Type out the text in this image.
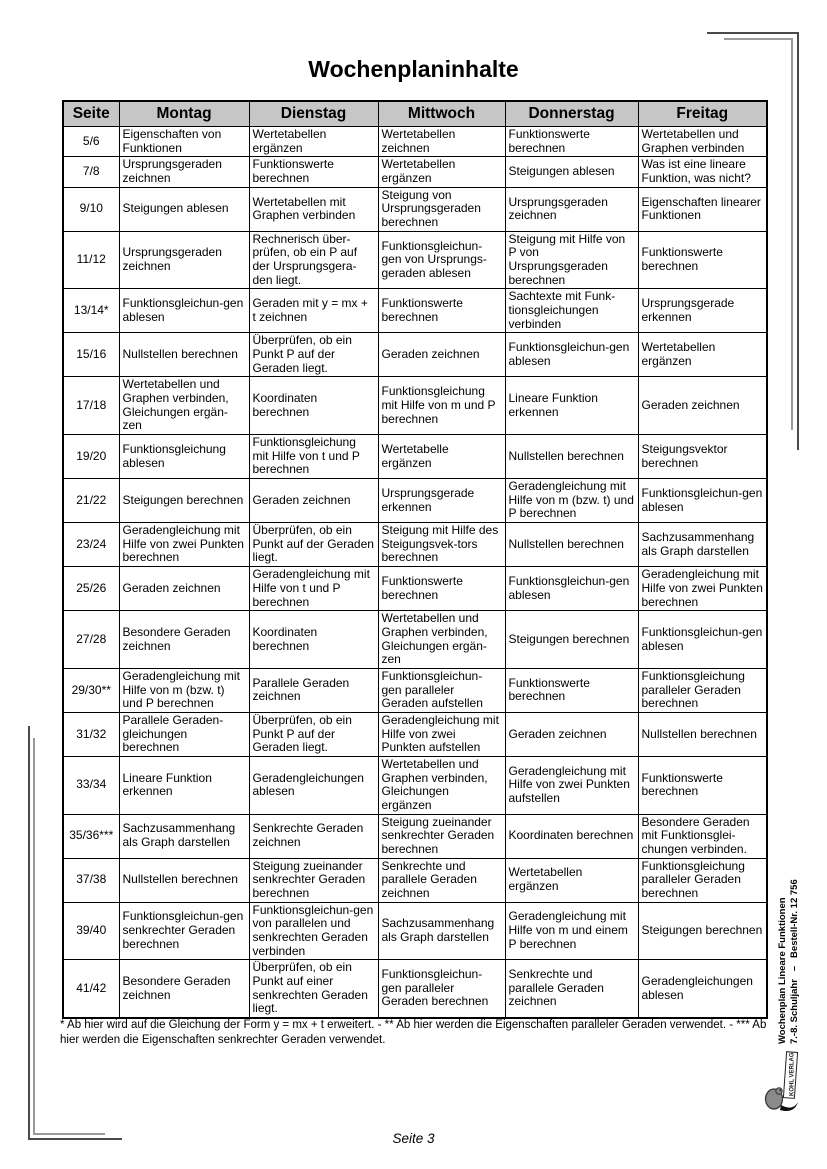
Wochenplaninhalte
Seite	Montag	Dienstag	Mittwoch	Donnerstag	Freitag
5/6	Eigenschaften von Funktionen	Wertetabellen ergänzen	Wertetabellen zeichnen	Funktionswerte berechnen	Wertetabellen und Graphen verbinden
7/8	Ursprungsgeraden zeichnen	Funktionswerte berechnen	Wertetabellen ergänzen	Steigungen ablesen	Was ist eine lineare Funktion, was nicht?
9/10	Steigungen ablesen	Wertetabellen mit Graphen verbinden	Steigung von Ursprungsgeraden berechnen	Ursprungsgeraden zeichnen	Eigenschaften linearer Funktionen
11/12	Ursprungsgeraden zeichnen	Rechnerisch über-prüfen, ob ein P auf der Ursprungsgera-den liegt.	Funktionsgleichun-gen von Ursprungs-geraden ablesen	Steigung mit Hilfe von P von Ursprungsgeraden berechnen	Funktionswerte berechnen
13/14*	Funktionsgleichun-gen ablesen	Geraden mit y = mx + t zeichnen	Funktionswerte berechnen	Sachtexte mit Funk-tionsgleichungen verbinden	Ursprungsgerade erkennen
15/16	Nullstellen berechnen	Überprüfen, ob ein Punkt P auf der Geraden liegt.	Geraden zeichnen	Funktionsgleichun-gen ablesen	Wertetabellen ergänzen
17/18	Wertetabellen und Graphen verbinden, Gleichungen ergän-zen	Koordinaten berechnen	Funktionsgleichung mit Hilfe von m und P berechnen	Lineare Funktion erkennen	Geraden zeichnen
19/20	Funktionsgleichung ablesen	Funktionsgleichung mit Hilfe von t und P berechnen	Wertetabelle ergänzen	Nullstellen berechnen	Steigungsvektor berechnen
21/22	Steigungen berechnen	Geraden zeichnen	Ursprungsgerade erkennen	Geradengleichung mit Hilfe von m (bzw. t) und P berechnen	Funktionsgleichun-gen ablesen
23/24	Geradengleichung mit Hilfe von zwei Punkten berechnen	Überprüfen, ob ein Punkt auf der Geraden liegt.	Steigung mit Hilfe des Steigungsvek-tors berechnen	Nullstellen berechnen	Sachzusammenhang als Graph darstellen
25/26	Geraden zeichnen	Geradengleichung mit Hilfe von t und P berechnen	Funktionswerte berechnen	Funktionsgleichun-gen ablesen	Geradengleichung mit Hilfe von zwei Punkten berechnen
27/28	Besondere Geraden zeichnen	Koordinaten berechnen	Wertetabellen und Graphen verbinden, Gleichungen ergän-zen	Steigungen berechnen	Funktionsgleichun-gen ablesen
29/30**	Geradengleichung mit Hilfe von m (bzw. t) und P berechnen	Parallele Geraden zeichnen	Funktionsgleichun-gen paralleler Geraden aufstellen	Funktionswerte berechnen	Funktionsgleichung paralleler Geraden berechnen
31/32	Parallele Geraden-gleichungen berechnen	Überprüfen, ob ein Punkt P auf der Geraden liegt.	Geradengleichung mit Hilfe von zwei Punkten aufstellen	Geraden zeichnen	Nullstellen berechnen
33/34	Lineare Funktion erkennen	Geradengleichungen ablesen	Wertetabellen und Graphen verbinden, Gleichungen ergänzen	Geradengleichung mit Hilfe von zwei Punkten aufstellen	Funktionswerte berechnen
35/36***	Sachzusammenhang als Graph darstellen	Senkrechte Geraden zeichnen	Steigung zueinander senkrechter Geraden berechnen	Koordinaten berechnen	Besondere Geraden mit Funktionsglei-chungen verbinden.
37/38	Nullstellen berechnen	Steigung zueinander senkrechter Geraden berechnen	Senkrechte und parallele Geraden zeichnen	Wertetabellen ergänzen	Funktionsgleichung paralleler Geraden berechnen
39/40	Funktionsgleichun-gen senkrechter Geraden berechnen	Funktionsgleichun-gen von parallelen und senkrechten Geraden verbinden	Sachzusammenhang als Graph darstellen	Geradengleichung mit Hilfe von m und einem P berechnen	Steigungen berechnen
41/42	Besondere Geraden zeichnen	Überprüfen, ob ein Punkt auf einer senkrechten Geraden liegt.	Funktionsgleichun-gen paralleler Geraden berechnen	Senkrechte und parallele Geraden zeichnen	Geradengleichungen ablesen
* Ab hier wird auf die Gleichung der Form y = mx + t erweitert. - ** Ab hier werden die Eigenschaften paralleler Geraden verwendet. - *** Ab hier werden die Eigenschaften senkrechter Geraden verwendet.	Wochenplan Lineare Funktionen 7.-8. Schuljahr   –   Bestell-Nr. 12 756
KOHL VERLAG
Seite 3
